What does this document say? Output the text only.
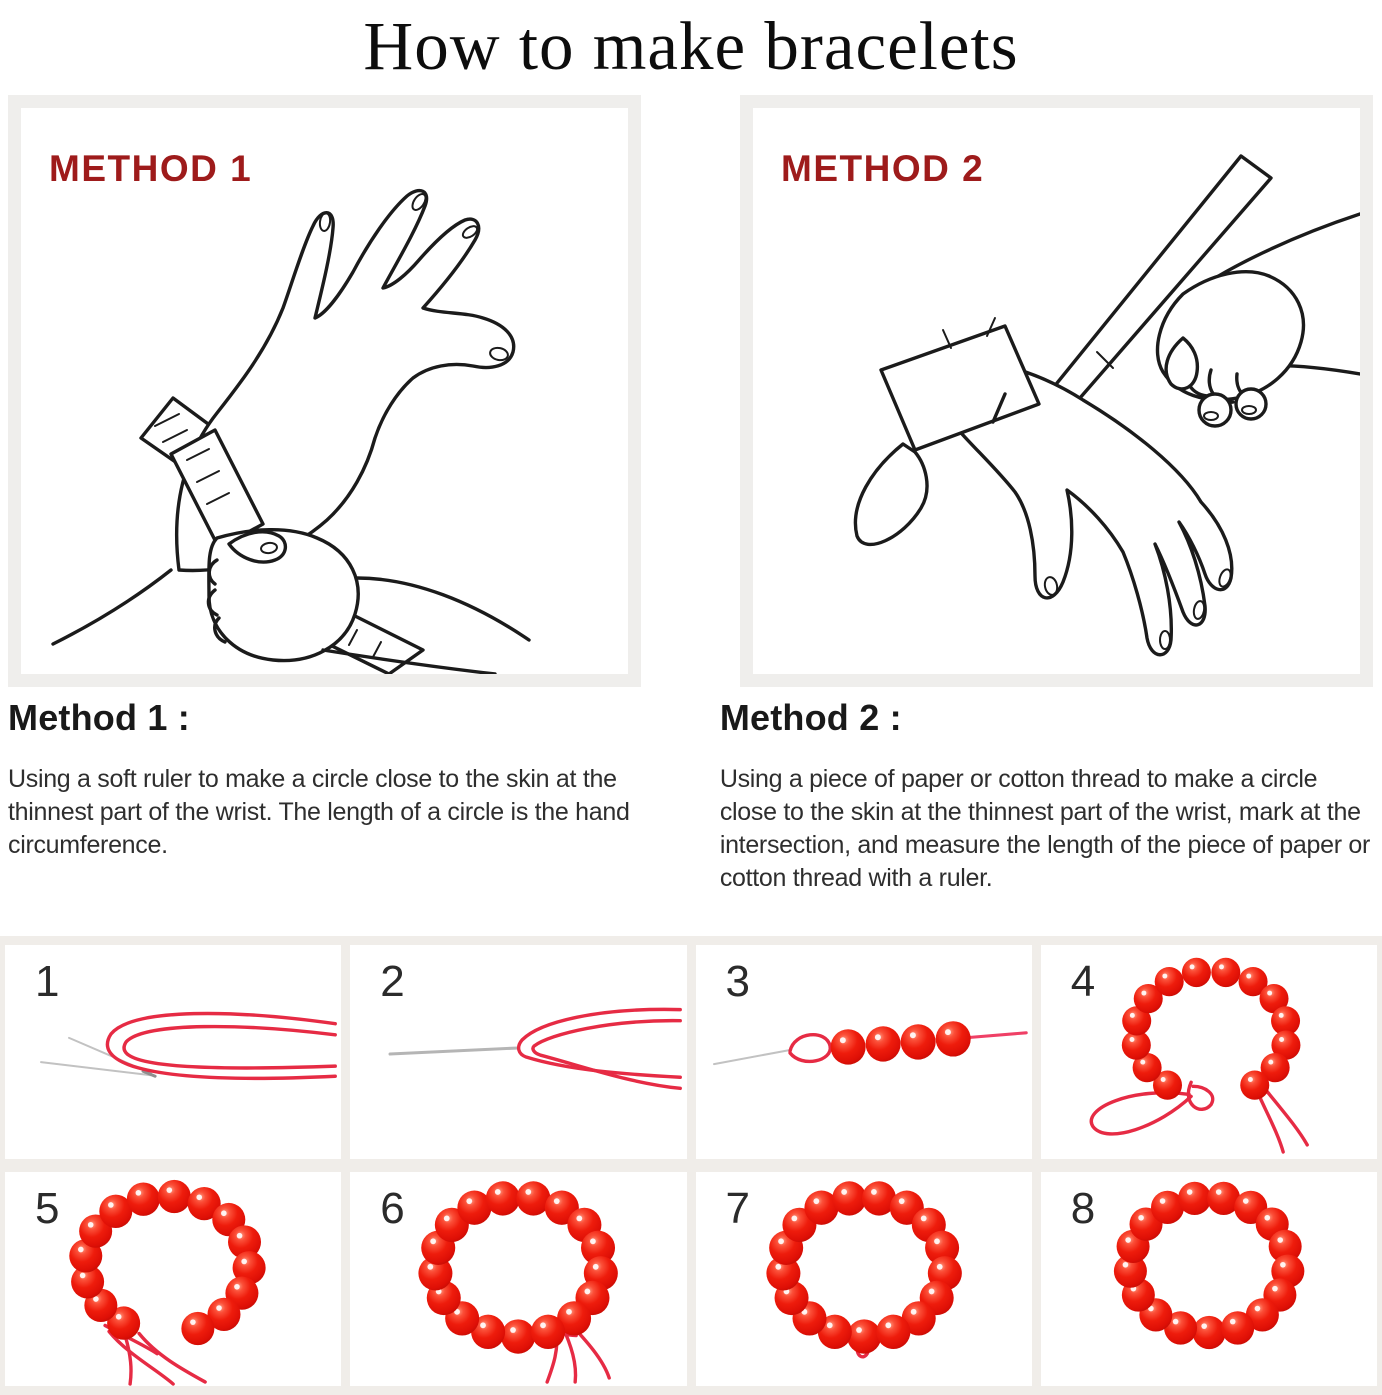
How to make bracelets
METHOD 1	METHOD 2
Method 1 :

Using a soft ruler to make a circle close to the skin at the thinnest part of the wrist. The length of a circle is the hand circumference.

Method 2 :

Using a piece of paper or cotton thread to make a circle close to the skin at the thinnest part of the wrist, mark at the intersection, and measure the length of the piece of paper or cotton thread with a ruler.

1	2	3	4
5	6	7	8
